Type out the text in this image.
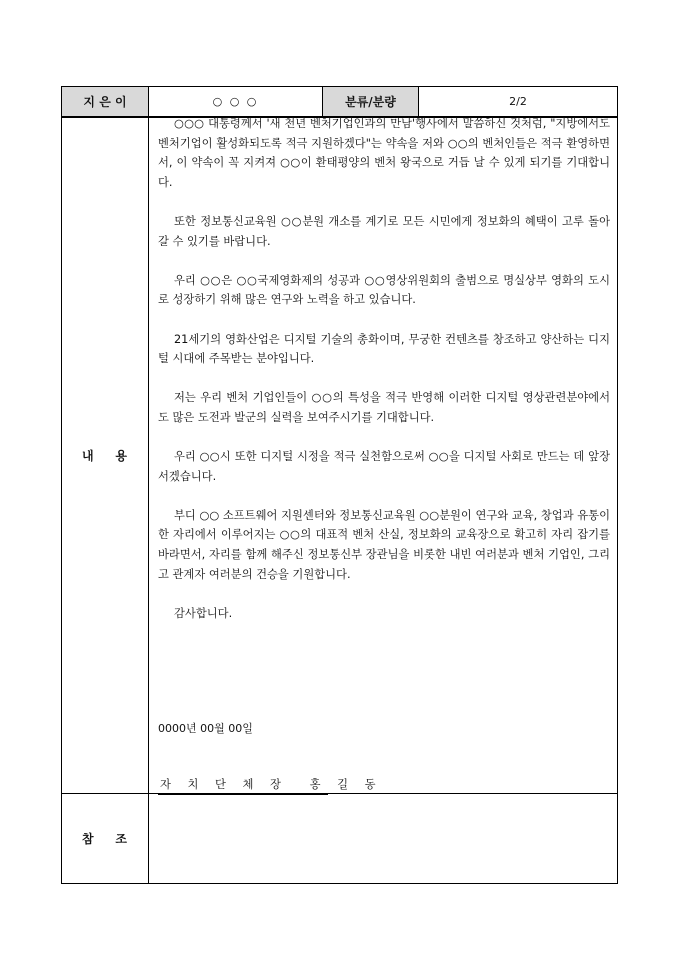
지 은 이	○ ○ ○	분류/분량	2/2
내    용

○○○ 대통령께서 '새 천년 벤처기업인과의 만남'행사에서 말씀하신 것처럼, "지방에서도 벤처기업이 활성화되도록 적극 지원하겠다"는 약속을 저와 ○○의 벤처인들은 적극 환영하면서, 이 약속이 꼭 지켜져 ○○이 환태평양의 벤처 왕국으로 거듭 날 수 있게 되기를 기대합니다.

또한 정보통신교육원 ○○분원 개소를 계기로 모든 시민에게 정보화의 혜택이 고루 돌아갈 수 있기를 바랍니다.

우리 ○○은 ○○국제영화제의 성공과 ○○영상위원회의 출범으로 명실상부 영화의 도시로 성장하기 위해 많은 연구와 노력을 하고 있습니다.

21세기의 영화산업은 디지털 기술의 총화이며, 무궁한 컨텐츠를 창조하고 양산하는 디지털 시대에 주목받는 분야입니다.

저는 우리 벤처 기업인들이 ○○의 특성을 적극 반영해 이러한 디지털 영상관련분야에서도 많은 도전과 발군의 실력을 보여주시기를 기대합니다.

우리 ○○시 또한 디지털 시정을 적극 실천함으로써 ○○을 디지털 사회로 만드는 데 앞장서겠습니다.

부디 ○○ 소프트웨어 지원센터와 정보통신교육원 ○○분원이 연구와 교육, 창업과 유통이 한 자리에서 이루어지는 ○○의 대표적 벤처 산실, 정보화의 교육장으로 확고히 자리 잡기를 바라면서, 자리를 함께 해주신 정보통신부 장관님을 비롯한 내빈 여러분과 벤처 기업인, 그리고 관계자 여러분의 건승을 기원합니다.

감사합니다.

0000년 00월 00일
자 치 단 체 장  홍 길 동
참    조
